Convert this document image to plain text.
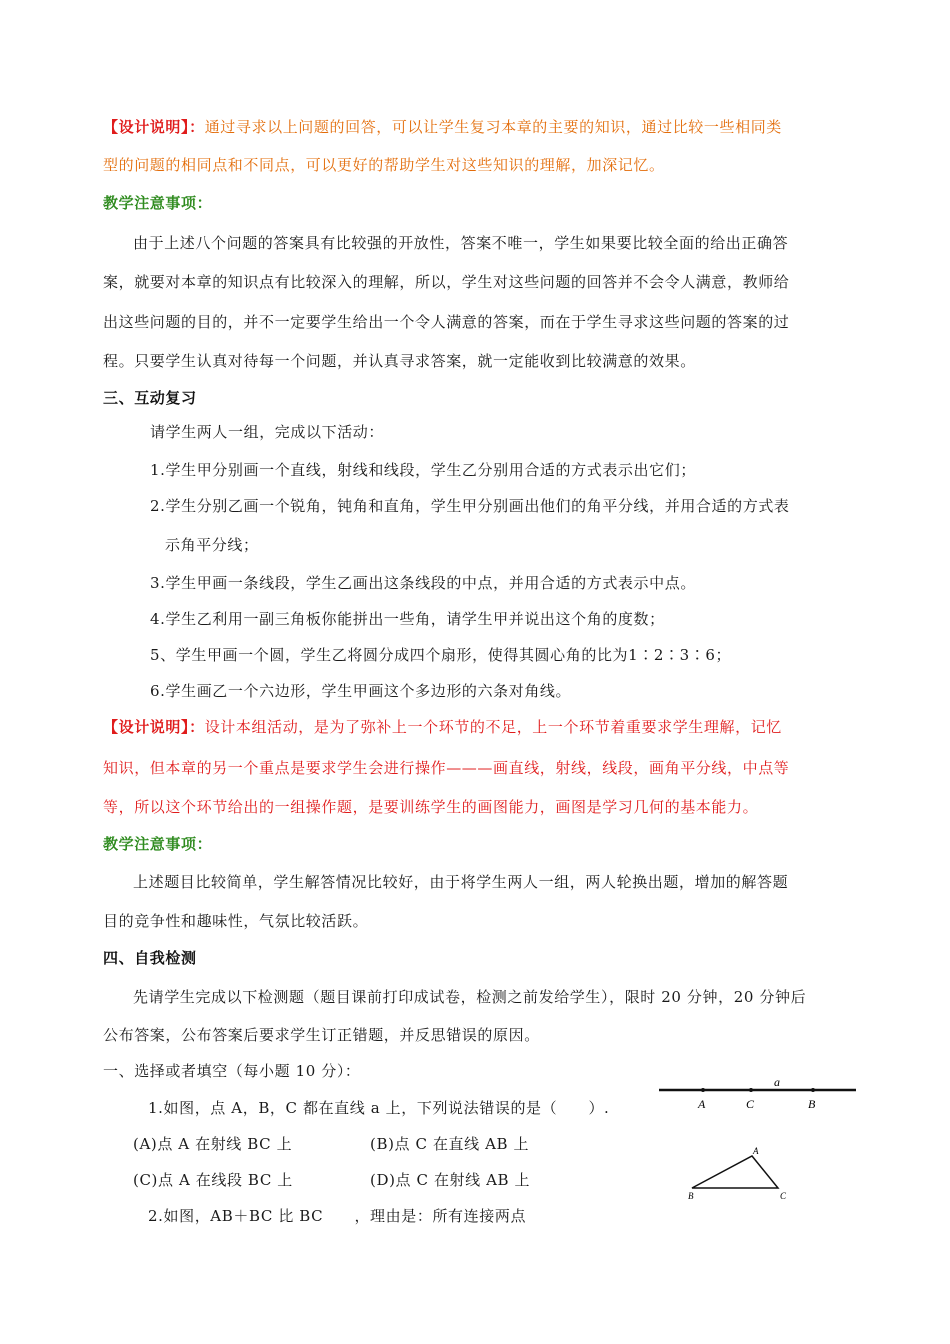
【设计说明】：通过寻求以上问题的回答，可以让学生复习本章的主要的知识，通过比较一些相同类
型的问题的相同点和不同点，可以更好的帮助学生对这些知识的理解，加深记忆。
教学注意事项：
由于上述八个问题的答案具有比较强的开放性，答案不唯一，学生如果要比较全面的给出正确答
案，就要对本章的知识点有比较深入的理解，所以，学生对这些问题的回答并不会令人满意，教师给
出这些问题的目的，并不一定要学生给出一个令人满意的答案，而在于学生寻求这些问题的答案的过
程。只要学生认真对待每一个问题，并认真寻求答案，就一定能收到比较满意的效果。
三、互动复习
请学生两人一组，完成以下活动：
1.学生甲分别画一个直线，射线和线段，学生乙分别用合适的方式表示出它们；
2.学生分别乙画一个锐角，钝角和直角，学生甲分别画出他们的角平分线，并用合适的方式表
示角平分线；
3.学生甲画一条线段，学生乙画出这条线段的中点，并用合适的方式表示中点。
4.学生乙利用一副三角板你能拼出一些角，请学生甲并说出这个角的度数；
5、学生甲画一个圆，学生乙将圆分成四个扇形，使得其圆心角的比为1∶2∶3∶6；
6.学生画乙一个六边形，学生甲画这个多边形的六条对角线。
【设计说明】：设计本组活动，是为了弥补上一个环节的不足，上一个环节着重要求学生理解，记忆
知识，但本章的另一个重点是要求学生会进行操作———画直线，射线，线段，画角平分线，中点等
等，所以这个环节给出的一组操作题，是要训练学生的画图能力，画图是学习几何的基本能力。
教学注意事项：
上述题目比较简单，学生解答情况比较好，由于将学生两人一组，两人轮换出题，增加的解答题
目的竞争性和趣味性，气氛比较活跃。
四、自我检测
先请学生完成以下检测题（题目课前打印成试卷，检测之前发给学生），限时 20 分钟，20 分钟后
公布答案，公布答案后要求学生订正错题，并反思错误的原因。
一、选择或者填空（每小题 10 分）：
1.如图，点 A，B，C 都在直线 a 上，下列说法错误的是（　　）.
(A)点 A 在射线 BC 上	(B)点 C 在直线 AB 上
(C)点 A 在线段 BC 上	(D)点 C 在射线 AB 上
2.如图，AB＋BC 比 BC　　，理由是：所有连接两点
a
A	C	B
A
B	C
